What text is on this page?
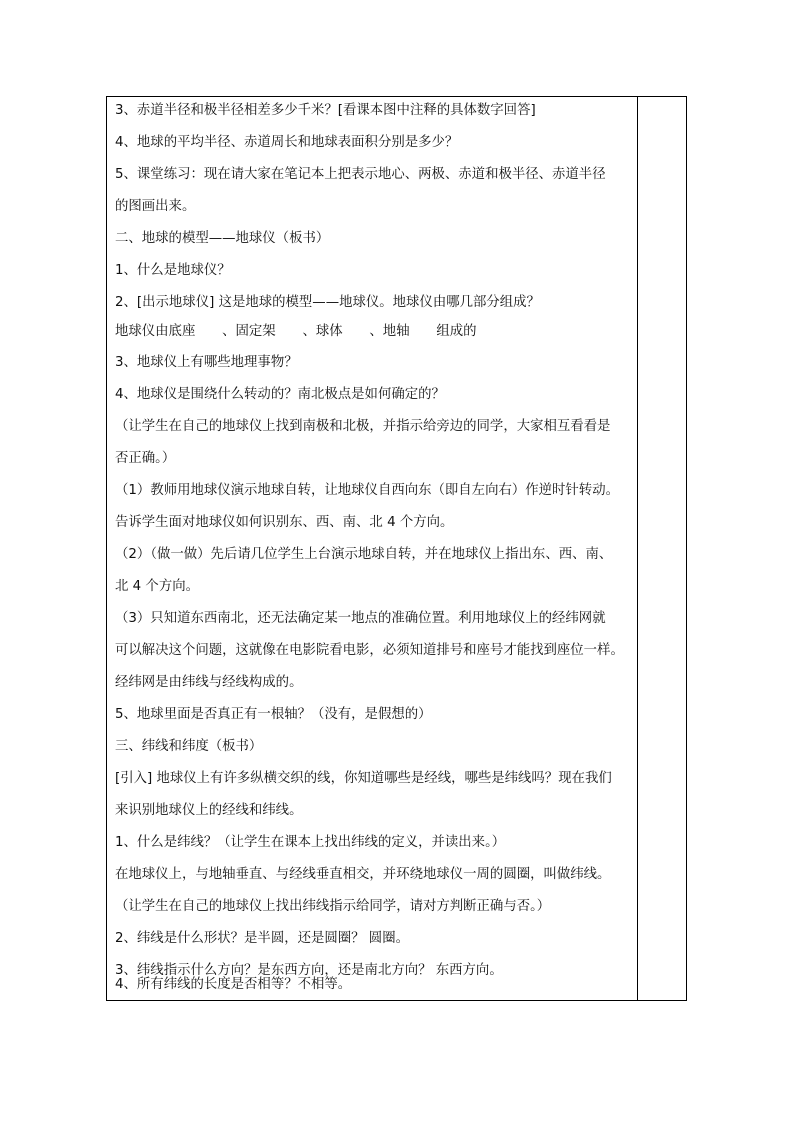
3、赤道半径和极半径相差多少千米？[看课本图中注释的具体数字回答]
4、地球的平均半径、赤道周长和地球表面积分别是多少？
5、课堂练习：现在请大家在笔记本上把表示地心、两极、赤道和极半径、赤道半径
的图画出来。
二、地球的模型——地球仪（板书）
1、什么是地球仪？
2、[出示地球仪] 这是地球的模型——地球仪。地球仪由哪几部分组成？
地球仪由底座　　、固定架　　、球体　　、地轴　　组成的
3、地球仪上有哪些地理事物？
4、地球仪是围绕什么转动的？南北极点是如何确定的？
（让学生在自己的地球仪上找到南极和北极，并指示给旁边的同学，大家相互看看是
否正确。）
（1）教师用地球仪演示地球自转，让地球仪自西向东（即自左向右）作逆时针转动。
告诉学生面对地球仪如何识别东、西、南、北 4 个方向。
（2）（做一做）先后请几位学生上台演示地球自转，并在地球仪上指出东、西、南、
北 4 个方向。
（3）只知道东西南北，还无法确定某一地点的准确位置。利用地球仪上的经纬网就
可以解决这个问题，这就像在电影院看电影，必须知道排号和座号才能找到座位一样。
经纬网是由纬线与经线构成的。
5、地球里面是否真正有一根轴？（没有，是假想的）
三、纬线和纬度（板书）
[引入] 地球仪上有许多纵横交织的线，你知道哪些是经线，哪些是纬线吗？现在我们
来识别地球仪上的经线和纬线。
1、什么是纬线？（让学生在课本上找出纬线的定义，并读出来。）
在地球仪上，与地轴垂直、与经线垂直相交，并环绕地球仪一周的圆圈，叫做纬线。
（让学生在自己的地球仪上找出纬线指示给同学，请对方判断正确与否。）
2、纬线是什么形状？是半圆，还是圆圈？ 圆圈。
3、纬线指示什么方向？是东西方向，还是南北方向？ 东西方向。
4、所有纬线的长度是否相等？不相等。
